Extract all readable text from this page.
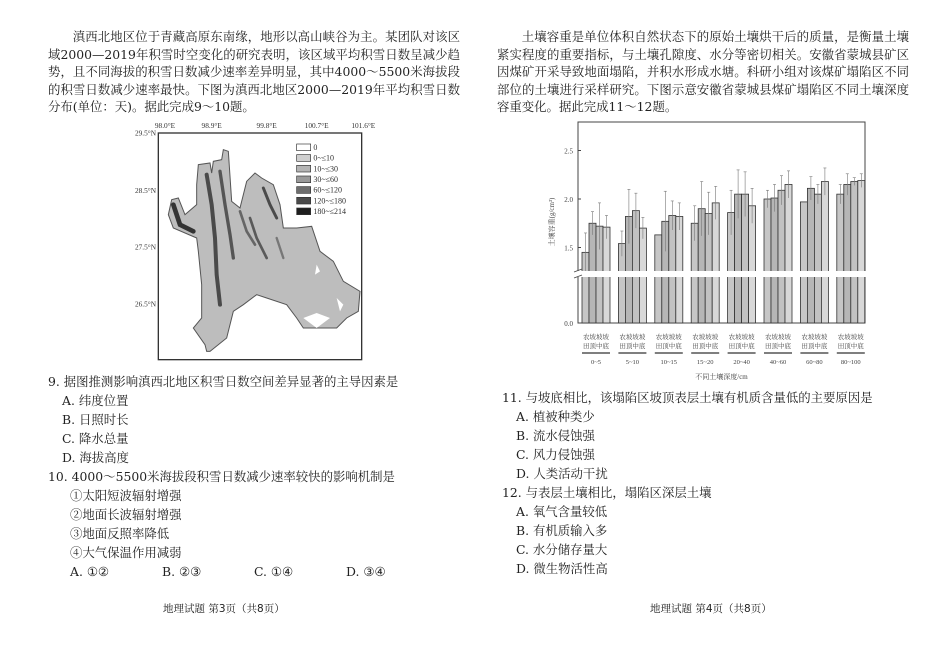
滇西北地区位于青藏高原东南缘，地形以高山峡谷为主。某团队对该区域2000—2019年积雪时空变化的研究表明，该区域平均积雪日数呈减少趋势，且不同海拔的积雪日数减少速率差异明显，其中4000～5500米海拔段的积雪日数减少速率最快。下图为滇西北地区2000—2019年平均积雪日数分布(单位：天)。据此完成9～10题。
98.0°E 98.9°E 99.8°E 100.7°E 101.6°E
29.5°N
28.5°N
27.5°N
26.5°N
0
0~≤10
10~≤30
30~≤60
60~≤120
120~≤180
180~≤214
9. 据图推测影响滇西北地区积雪日数空间差异显著的主导因素是
A. 纬度位置
B. 日照时长
C. 降水总量
D. 海拔高度
10. 4000～5500米海拔段积雪日数减少速率较快的影响机制是
①太阳短波辐射增强
②地面长波辐射增强
③地面反照率降低
④大气保温作用减弱
A. ①②	B. ②③	C. ①④	D. ③④
地理试题 第3页（共8页）
土壤容重是单位体积自然状态下的原始土壤烘干后的质量，是衡量土壤紧实程度的重要指标，与土壤孔隙度、水分等密切相关。安徽省蒙城县矿区因煤矿开采导致地面塌陷，并积水形成水塘。科研小组对该煤矿塌陷区不同部位的土壤进行采样研究。下图示意安徽省蒙城县煤矿塌陷区不同土壤深度容重变化。据此完成11～12题。
0.0
1.5
2.0
2.5
土壤容重(g/cm³)
农坡坡坡
田顶中底
0~5
农坡坡坡
田顶中底
5~10
农坡坡坡
田顶中底
10~15
农坡坡坡
田顶中底
15~20
农坡坡坡
田顶中底
20~40
农坡坡坡
田顶中底
40~60
农坡坡坡
田顶中底
60~80
农坡坡坡
田顶中底
80~100
不同土壤深度/cm
11. 与坡底相比，该塌陷区坡顶表层土壤有机质含量低的主要原因是
A. 植被种类少
B. 流水侵蚀强
C. 风力侵蚀强
D. 人类活动干扰
12. 与表层土壤相比，塌陷区深层土壤
A. 氧气含量较低
B. 有机质输入多
C. 水分储存量大
D. 微生物活性高
地理试题 第4页（共8页）
